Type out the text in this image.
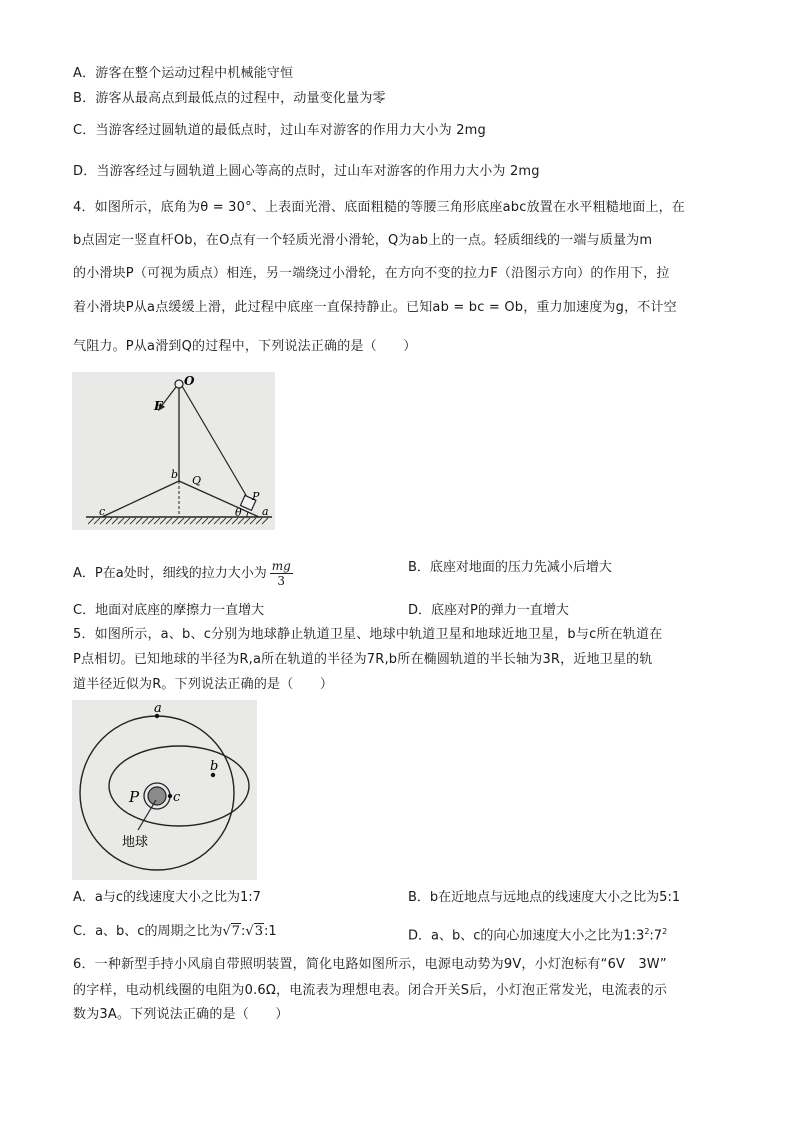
A．游客在整个运动过程中机械能守恒
B．游客从最高点到最低点的过程中，动量变化量为零
C．当游客经过圆轨道的最低点时，过山车对游客的作用力大小为 2mg
D．当游客经过与圆轨道上圆心等高的点时，过山车对游客的作用力大小为 2mg
4．如图所示，底角为θ = 30°、上表面光滑、底面粗糙的等腰三角形底座abc放置在水平粗糙地面上，在
b点固定一竖直杆Ob，在O点有一个轻质光滑小滑轮，Q为ab上的一点。轻质细线的一端与质量为m
的小滑块P（可视为质点）相连，另一端绕过小滑轮，在方向不变的拉力F（沿图示方向）的作用下，拉
着小滑块P从a点缓缓上滑，此过程中底座一直保持静止。已知ab = bc = Ob，重力加速度为g，不计空
气阻力。P从a滑到Q的过程中，下列说法正确的是（　　）
O
F
b Q
P
θ a
c
A．P在a处时，细线的拉力大小为 $\frac{mg}{3}$	B．底座对地面的压力先减小后增大
C．地面对底座的摩擦力一直增大	D．底座对P的弹力一直增大
5．如图所示，a、b、c分别为地球静止轨道卫星、地球中轨道卫星和地球近地卫星，b与c所在轨道在
P点相切。已知地球的半径为R,a所在轨道的半径为7R,b所在椭圆轨道的半长轴为3R，近地卫星的轨
道半径近似为R。下列说法正确的是（　　）
a
b
c
P
地球
A．a与c的线速度大小之比为1:7	B．b在近地点与远地点的线速度大小之比为5:1
C．a、b、c的周期之比为√7:√3:1	D．a、b、c的向心加速度大小之比为$1:3^2:7^2$
6．一种新型手持小风扇自带照明装置，简化电路如图所示，电源电动势为9V，小灯泡标有“6V　3W”
的字样，电动机线圈的电阻为0.6Ω，电流表为理想电表。闭合开关S后，小灯泡正常发光，电流表的示
数为3A。下列说法正确的是（　　）
